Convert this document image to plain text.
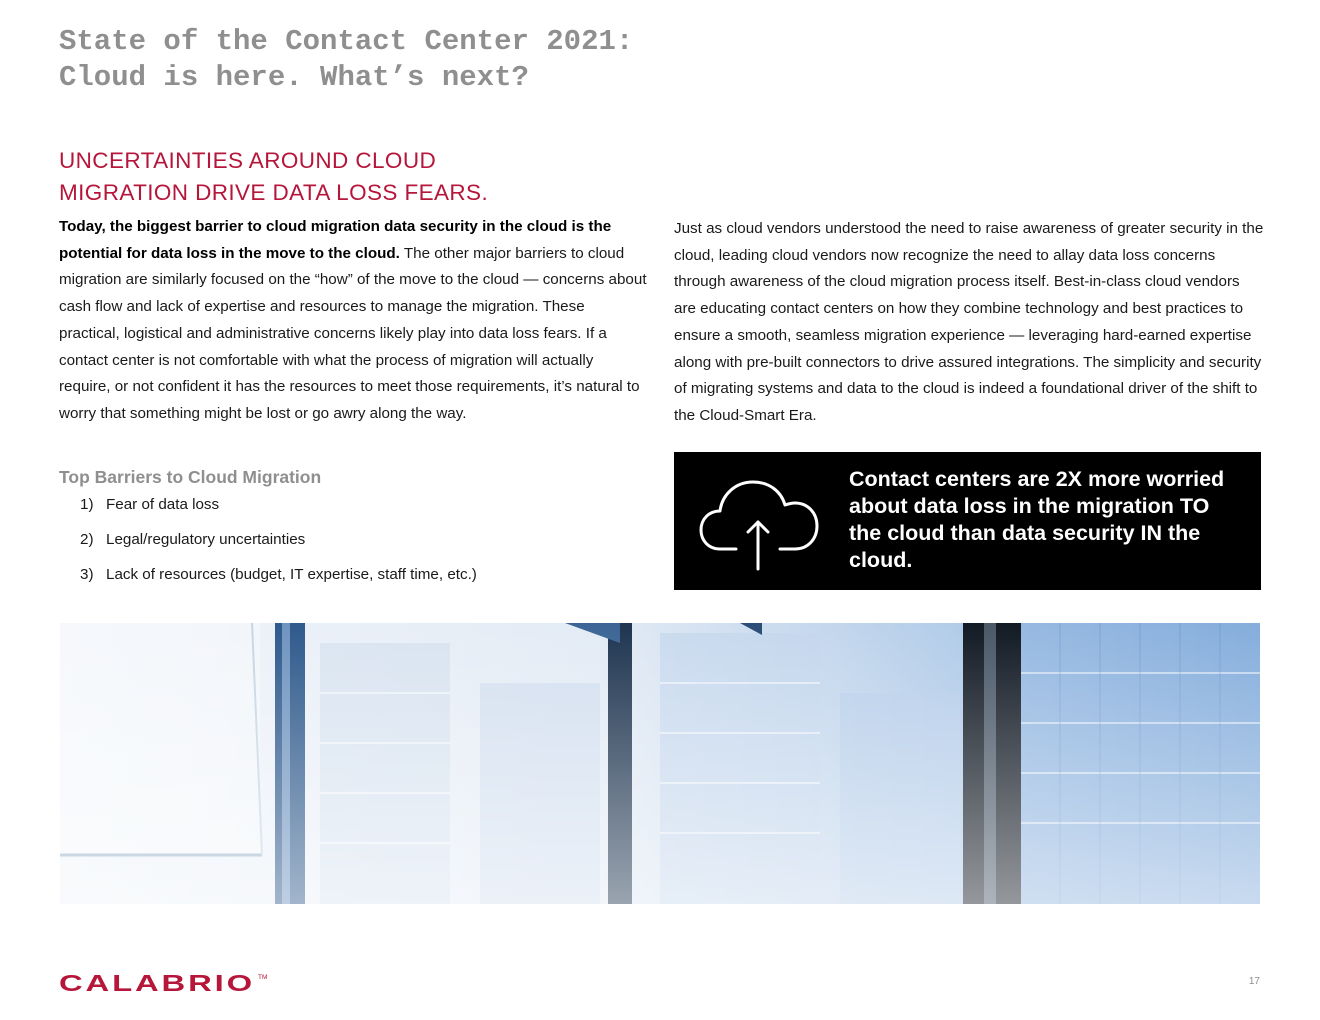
State of the Contact Center 2021:
Cloud is here. What’s next?
UNCERTAINTIES AROUND CLOUD
MIGRATION DRIVE DATA LOSS FEARS.

Today, the biggest barrier to cloud migration data security in the cloud is the potential for data loss in the move to the cloud. The other major barriers to cloud migration are similarly focused on the “how” of the move to the cloud — concerns about cash flow and lack of expertise and resources to manage the migration. These practical, logistical and administrative concerns likely play into data loss fears. If a contact center is not comfortable with what the process of migration will actually require, or not confident it has the resources to meet those requirements, it’s natural to worry that something might be lost or go awry along the way.

Top Barriers to Cloud Migration
1) Fear of data loss
2) Legal/regulatory uncertainties
3) Lack of resources (budget, IT expertise, staff time, etc.)

Just as cloud vendors understood the need to raise awareness of greater security in the cloud, leading cloud vendors now recognize the need to allay data loss concerns through awareness of the cloud migration process itself. Best-in-class cloud vendors are educating contact centers on how they combine technology and best practices to ensure a smooth, seamless migration experience — leveraging hard-earned expertise along with pre-built connectors to drive assured integrations. The simplicity and security of migrating systems and data to the cloud is indeed a foundational driver of the shift to the Cloud-Smart Era.

Contact centers are 2X more worried about data loss in the migration TO the cloud than data security IN the cloud.

CALABRIO TM	17
